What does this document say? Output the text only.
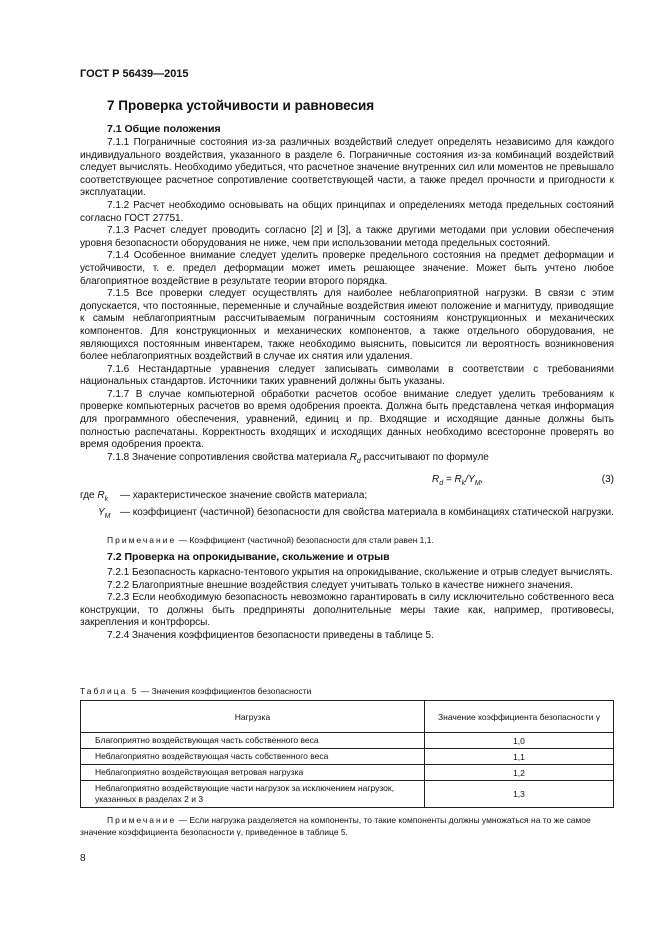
ГОСТ Р 56439—2015
7 Проверка устойчивости и равновесия
7.1 Общие положения

7.1.1 Пограничные состояния из-за различных воздействий следует определять независимо для каждого индивидуального воздействия, указанного в разделе 6. Пограничные состояния из-за комбинаций воздействий следует вычислять. Необходимо убедиться, что расчетное значение внутренних сил или моментов не превышало соответствующее расчетное сопротивление соответствующей части, а также предел прочности и пригодности к эксплуатации.

7.1.2 Расчет необходимо основывать на общих принципах и определениях метода предельных состояний согласно ГОСТ 27751.

7.1.3 Расчет следует проводить согласно [2] и [3], а также другими методами при условии обеспечения уровня безопасности оборудования не ниже, чем при использовании метода предельных состояний.

7.1.4 Особенное внимание следует уделить проверке предельного состояния на предмет деформации и устойчивости, т. е. предел деформации может иметь решающее значение. Может быть учтено любое благоприятное воздействие в результате теории второго порядка.

7.1.5 Все проверки следует осуществлять для наиболее неблагоприятной нагрузки. В связи с этим допускается, что постоянные, переменные и случайные воздействия имеют положение и магнитуду, приводящие к самым неблагоприятным рассчитываемым пограничным состояниям конструкционных и механических компонентов. Для конструкционных и механических компонентов, а также отдельного оборудования, не являющихся постоянным инвентарем, также необходимо выяснить, повысится ли вероятность возникновения более неблагоприятных воздействий в случае их снятия или удаления.

7.1.6 Нестандартные уравнения следует записывать символами в соответствии с требованиями национальных стандартов. Источники таких уравнений должны быть указаны.

7.1.7 В случае компьютерной обработки расчетов особое внимание следует уделить требованиям к проверке компьютерных расчетов во время одобрения проекта. Должна быть представлена четкая информация для программного обеспечения, уравнений, единиц и пр. Входящие и исходящие данные должны быть полностью распечатаны. Корректность входящих и исходящих данных необходимо всесторонне проверять во время одобрения проекта.

7.1.8 Значение сопротивления свойства материала $R_d$ рассчитывают по формуле

$R_d = R_k/Y_M$,	(3)
где $R_k$	— характеристическое значение свойств материала;
$Y_M$ — коэффициент (частичной) безопасности для свойства материала в комбинациях статической нагрузки.

Примечание — Коэффициент (частичной) безопасности для стали равен 1,1.

7.2 Проверка на опрокидывание, скольжение и отрыв

7.2.1 Безопасность каркасно-тентового укрытия на опрокидывание, скольжение и отрыв следует вычислять.

7.2.2 Благоприятные внешние воздействия следует учитывать только в качестве нижнего значения.

7.2.3 Если необходимую безопасность невозможно гарантировать в силу исключительно собственного веса конструкции, то должны быть предприняты дополнительные меры такие как, например, противовесы, закрепления и контрфорсы.

7.2.4 Значения коэффициентов безопасности приведены в таблице 5.

Таблица 5 — Значения коэффициентов безопасности
Нагрузка	Значение коэффициента безопасности γ
Благоприятно воздействующая часть собственного веса	1,0
Неблагоприятно воздействующая часть собственного веса	1,1
Неблагоприятно воздействующая ветровая нагрузка	1,2
Неблагоприятно воздействующие части нагрузок за исключением нагрузок, указанных в разделах 2 и 3	1,3

Примечание — Если нагрузка разделяется на компоненты, то такие компоненты должны умножаться на то же самое значение коэффициента безопасности γ, приведенное в таблице 5.

8
